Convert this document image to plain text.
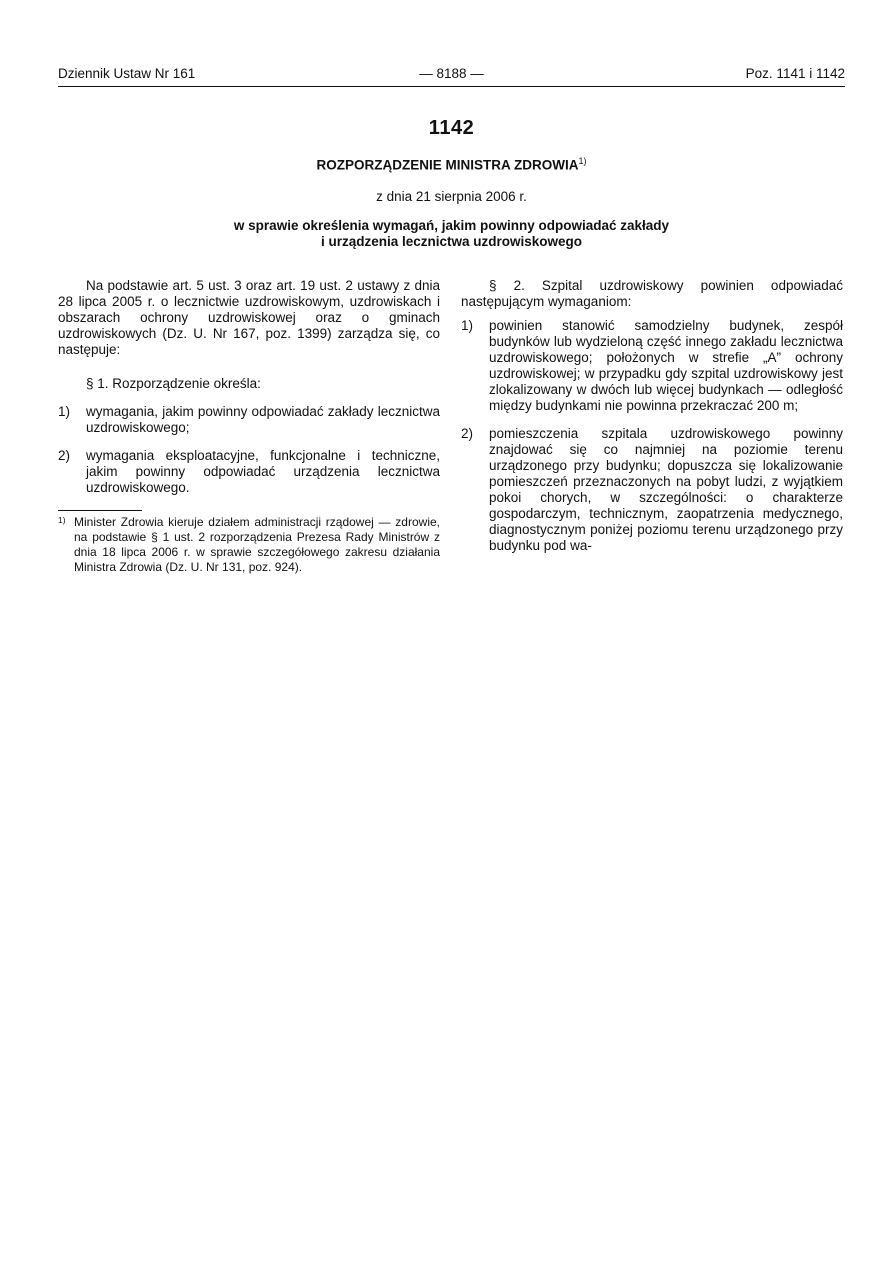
Dziennik Ustaw Nr 161	— 8188 —	Poz. 1141 i 1142
1142
ROZPORZĄDZENIE MINISTRA ZDROWIA$^{1)}$
z dnia 21 sierpnia 2006 r.
w sprawie określenia wymagań, jakim powinny odpowiadać zakłady
i urządzenia lecznictwa uzdrowiskowego

Na podstawie art. 5 ust. 3 oraz art. 19 ust. 2 ustawy z dnia 28 lipca 2005 r. o lecznictwie uzdrowiskowym, uzdrowiskach i obszarach ochrony uzdrowiskowej oraz o gminach uzdrowiskowych (Dz. U. Nr 167, poz. 1399) zarządza się, co następuje:

§ 1. Rozporządzenie określa:

1) wymagania, jakim powinny odpowiadać zakłady lecznictwa uzdrowiskowego;
2) wymagania eksploatacyjne, funkcjonalne i techniczne, jakim powinny odpowiadać urządzenia lecznictwa uzdrowiskowego.
1) Minister Zdrowia kieruje działem administracji rządowej — zdrowie, na podstawie § 1 ust. 2 rozporządzenia Prezesa Rady Ministrów z dnia 18 lipca 2006 r. w sprawie szczegółowego zakresu działania Ministra Zdrowia (Dz. U. Nr 131, poz. 924).

§ 2. Szpital uzdrowiskowy powinien odpowiadać następującym wymaganiom:

1) powinien stanowić samodzielny budynek, zespół budynków lub wydzieloną część innego zakładu lecznictwa uzdrowiskowego; położonych w strefie „A” ochrony uzdrowiskowej; w przypadku gdy szpital uzdrowiskowy jest zlokalizowany w dwóch lub więcej budynkach — odległość między budynkami nie powinna przekraczać 200 m;
2) pomieszczenia szpitala uzdrowiskowego powinny znajdować się co najmniej na poziomie terenu urządzonego przy budynku; dopuszcza się lokalizowanie pomieszczeń przeznaczonych na pobyt ludzi, z wyjątkiem pokoi chorych, w szczególności: o charakterze gospodarczym, technicznym, zaopatrzenia medycznego, diagnostycznym poniżej poziomu terenu urządzonego przy budynku pod wa-
